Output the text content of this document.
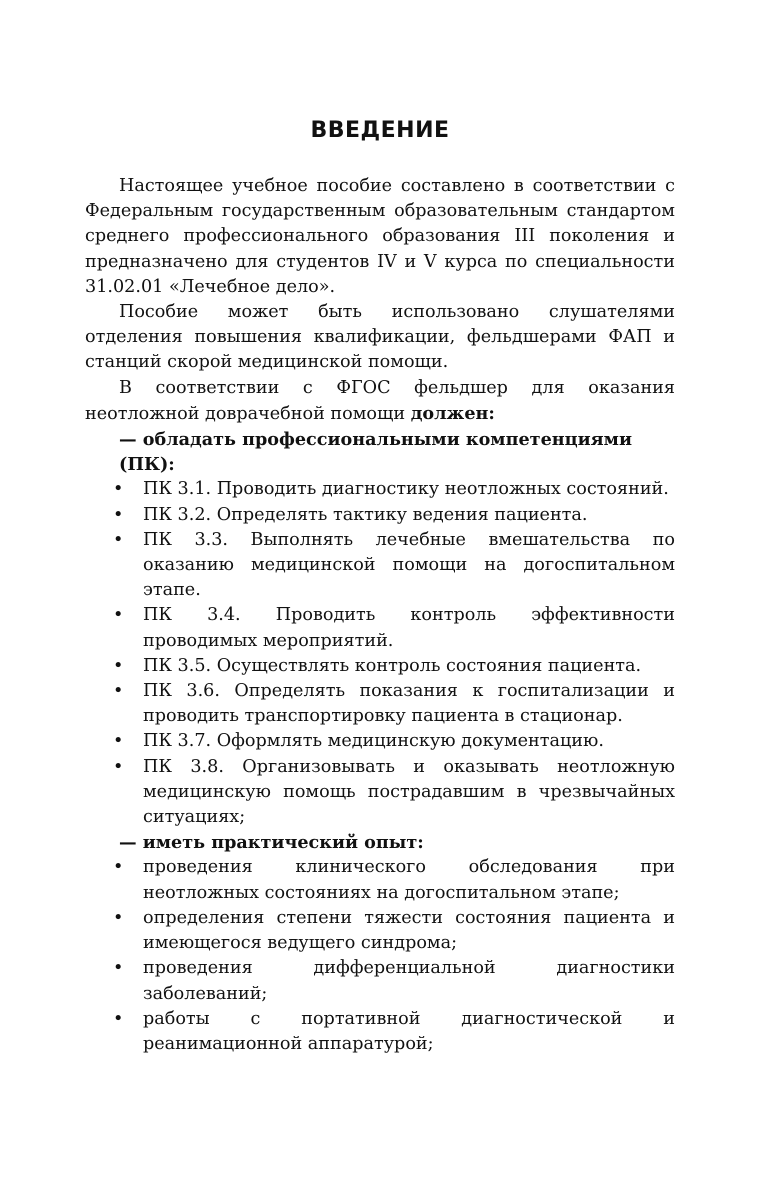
ВВЕДЕНИЕ

Настоящее учебное пособие составлено в соответствии с Федеральным государственным образовательным стандартом среднего профессионального образования III поколения и предназначено для студентов IV и V курса по специальности 31.02.01 «Лечебное дело».

Пособие может быть использовано слушателями отделения повышения квалификации, фельдшерами ФАП и станций скорой медицинской помощи.

В соответствии с ФГОС фельдшер для оказания неотложной доврачебной помощи должен:

— обладать профессиональными компетенциями (ПК):
• ПК 3.1. Проводить диагностику неотложных состояний.
• ПК 3.2. Определять тактику ведения пациента.
• ПК 3.3. Выполнять лечебные вмешательства по оказанию медицинской помощи на догоспитальном этапе.
• ПК 3.4. Проводить контроль эффективности проводимых мероприятий.
• ПК 3.5. Осуществлять контроль состояния пациента.
• ПК 3.6. Определять показания к госпитализации и проводить транспортировку пациента в стационар.
• ПК 3.7. Оформлять медицинскую документацию.
• ПК 3.8. Организовывать и оказывать неотложную медицинскую помощь пострадавшим в чрезвычайных ситуациях;
— иметь практический опыт:
• проведения клинического обследования при неотложных состояниях на догоспитальном этапе;
• определения степени тяжести состояния пациента и имеющегося ведущего синдрома;
• проведения дифференциальной диагностики заболеваний;
• работы с портативной диагностической и реанимационной аппаратурой;
